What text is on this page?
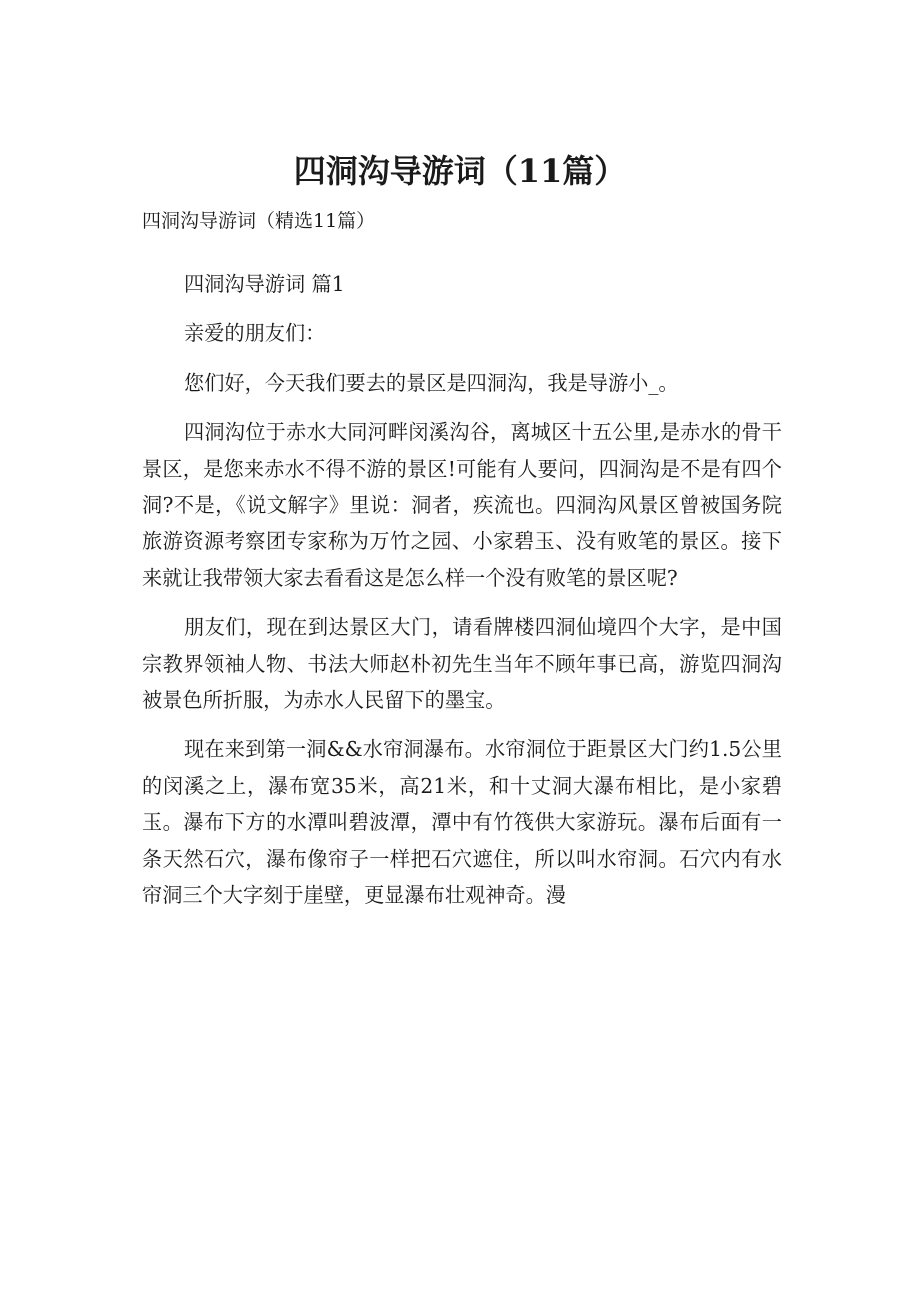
四洞沟导游词（11篇）
四洞沟导游词（精选11篇）

四洞沟导游词 篇1

亲爱的朋友们：

您们好，今天我们要去的景区是四洞沟，我是导游小_。

四洞沟位于赤水大同河畔闵溪沟谷，离城区十五公里,是赤水的骨干景区，是您来赤水不得不游的景区!可能有人要问，四洞沟是不是有四个洞?不是，《说文解字》里说：洞者，疾流也。四洞沟风景区曾被国务院旅游资源考察团专家称为万竹之园、小家碧玉、没有败笔的景区。接下来就让我带领大家去看看这是怎么样一个没有败笔的景区呢?

朋友们，现在到达景区大门，请看牌楼四洞仙境四个大字，是中国宗教界领袖人物、书法大师赵朴初先生当年不顾年事已高，游览四洞沟被景色所折服，为赤水人民留下的墨宝。

现在来到第一洞&&水帘洞瀑布。水帘洞位于距景区大门约1.5公里的闵溪之上，瀑布宽35米，高21米，和十丈洞大瀑布相比，是小家碧玉。瀑布下方的水潭叫碧波潭，潭中有竹筏供大家游玩。瀑布后面有一条天然石穴，瀑布像帘子一样把石穴遮住，所以叫水帘洞。石穴内有水帘洞三个大字刻于崖壁，更显瀑布壮观神奇。漫
